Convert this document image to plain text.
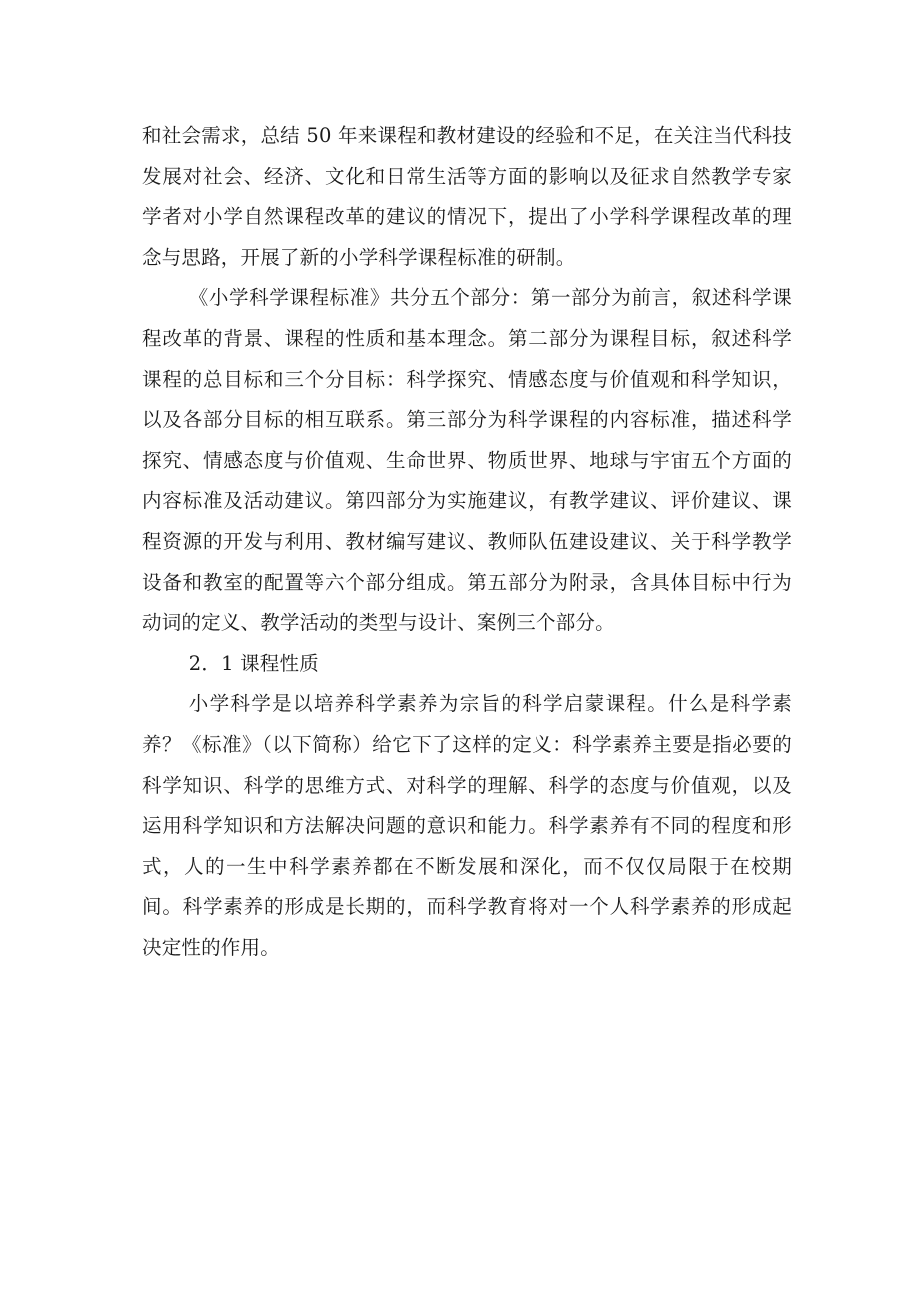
和社会需求，总结 50 年来课程和教材建设的经验和不足，在关注当代科技发展对社会、经济、文化和日常生活等方面的影响以及征求自然教学专家学者对小学自然课程改革的建议的情况下，提出了小学科学课程改革的理念与思路，开展了新的小学科学课程标准的研制。

《小学科学课程标准》共分五个部分：第一部分为前言，叙述科学课程改革的背景、课程的性质和基本理念。第二部分为课程目标，叙述科学课程的总目标和三个分目标：科学探究、情感态度与价值观和科学知识，以及各部分目标的相互联系。第三部分为科学课程的内容标准，描述科学探究、情感态度与价值观、生命世界、物质世界、地球与宇宙五个方面的内容标准及活动建议。第四部分为实施建议，有教学建议、评价建议、课程资源的开发与利用、教材编写建议、教师队伍建设建议、关于科学教学设备和教室的配置等六个部分组成。第五部分为附录，含具体目标中行为动词的定义、教学活动的类型与设计、案例三个部分。

2．1 课程性质

小学科学是以培养科学素养为宗旨的科学启蒙课程。什么是科学素养？《标准》（以下简称）给它下了这样的定义：科学素养主要是指必要的科学知识、科学的思维方式、对科学的理解、科学的态度与价值观，以及运用科学知识和方法解决问题的意识和能力。科学素养有不同的程度和形式，人的一生中科学素养都在不断发展和深化，而不仅仅局限于在校期间。科学素养的形成是长期的，而科学教育将对一个人科学素养的形成起决定性的作用。
